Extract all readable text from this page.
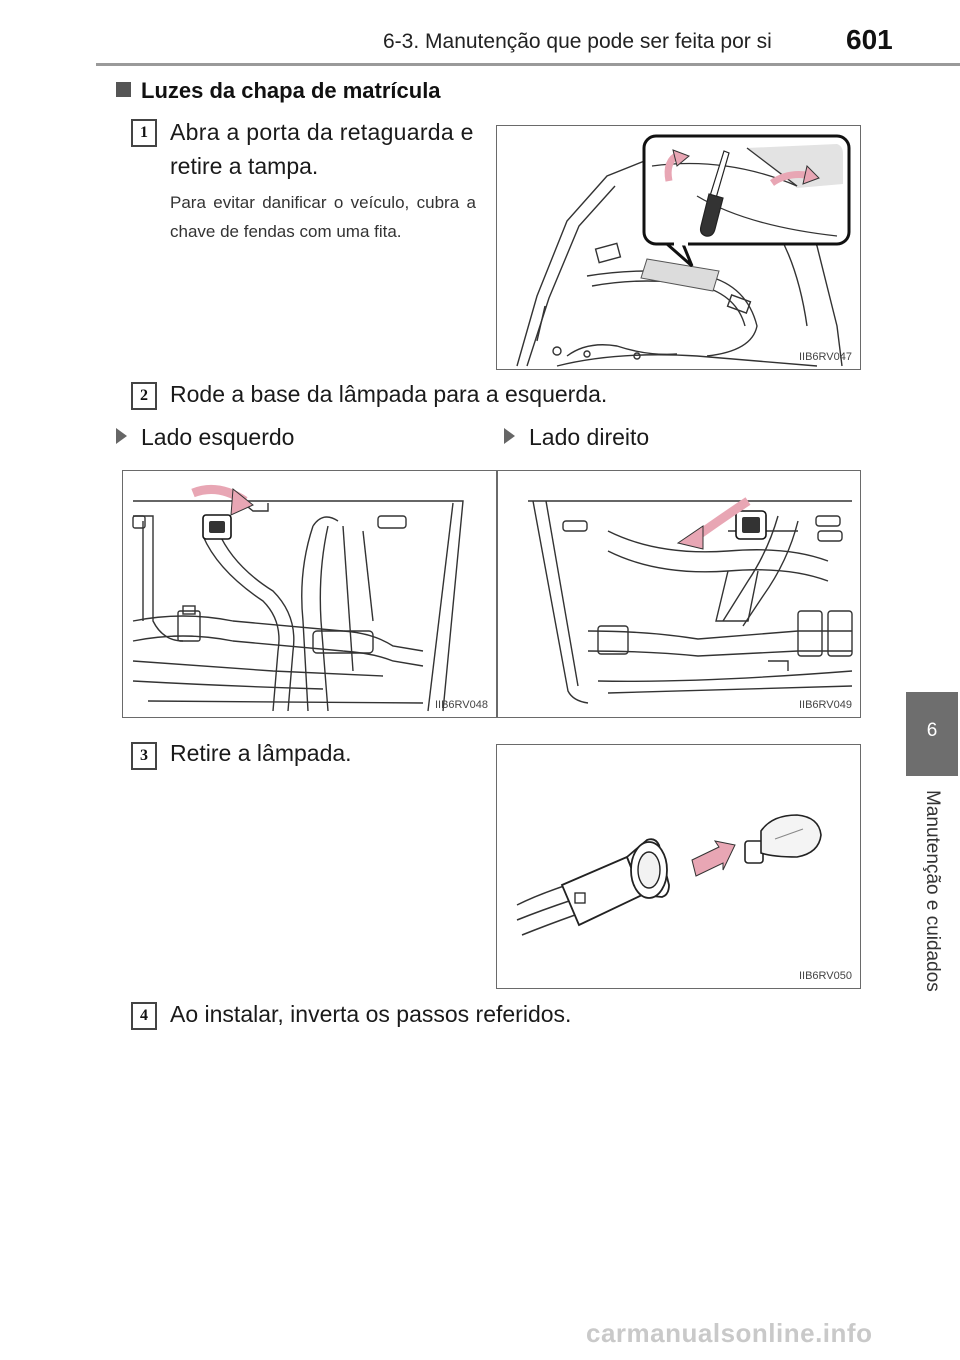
6-3. Manutenção que pode ser feita por si	601
6
Manutenção e cuidados
Luzes da chapa de matrícula
1 Abra a porta da retaguarda e
retire a tampa.
Para evitar danificar o veículo, cubra a chave de fendas com uma fita.
IIB6RV047
2 Rode a base da lâmpada para a esquerda.
Lado esquerdo	Lado direito
IIB6RV048	IIB6RV049
3 Retire a lâmpada.
IIB6RV050
4 Ao instalar, inverta os passos referidos.
carmanualsonline.info
